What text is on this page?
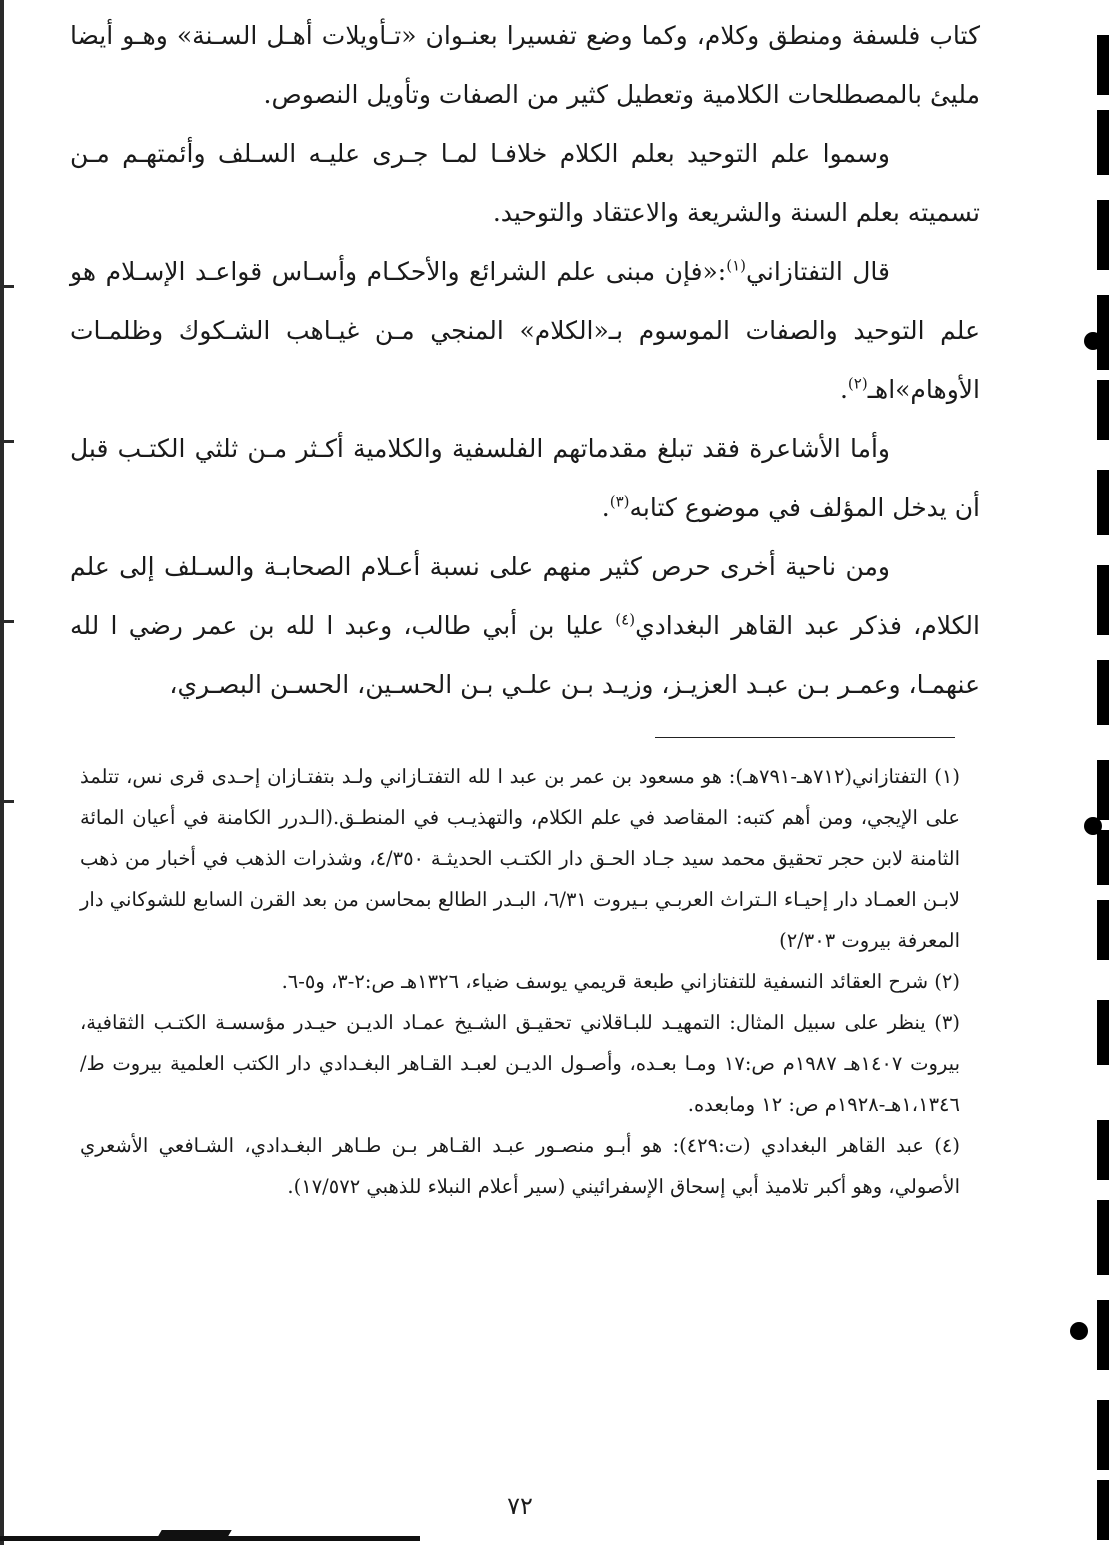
كتاب فلسفة ومنطق وكلام، وكما وضع تفسيرا بعنـوان «تـأويلات أهـل السـنة» وهـو أيضا مليئ بالمصطلحات الكلامية وتعطيل كثير من الصفات وتأويل النصوص.

وسموا علم التوحيد بعلم الكلام خلافـا لمـا جـرى عليـه السـلف وأئمتهـم مـن تسميته بعلم السنة والشريعة والاعتقاد والتوحيد.

قال التفتازاني$^{(١)}$:«فإن مبنى علم الشرائع والأحكـام وأسـاس قواعـد الإسـلام هو علم التوحيد والصفات الموسوم بـ«الكلام» المنجي مـن غيـاهب الشـكوك وظلمـات الأوهام»اهـ$^{(٢)}$.

وأما الأشاعرة فقد تبلغ مقدماتهم الفلسفية والكلامية أكـثر مـن ثلثي الكتـب قبل أن يدخل المؤلف في موضوع كتابه$^{(٣)}$.

ومن ناحية أخرى حرص كثير منهم على نسبة أعـلام الصحابـة والسـلف إلى علم الكلام، فذكر عبد القاهر البغدادي$^{(٤)}$ عليا بن أبي طالب، وعبد ا لله بن عمر رضي ا لله عنهمـا، وعمـر بـن عبـد العزيـز، وزيـد بـن علـي بـن الحسـين، الحسـن البصـري،

(١) التفتازاني(٧١٢هـ-٧٩١هـ): هو مسعود بن عمر بن عبد ا لله التفتـازاني ولـد بتفتـازان إحـدى قرى نس، تتلمذ على الإيجي، ومن أهم كتبه: المقاصد في علم الكلام، والتهذيـب في المنطـق.(الـدرر الكامنة في أعيان المائة الثامنة لابن حجر تحقيق محمد سيد جـاد الحـق دار الكتـب الحديثـة ٤/٣٥٠، وشذرات الذهب في أخبار من ذهب لابـن العمـاد دار إحيـاء الـتراث العربـي بـيروت ٦/٣١، البـدر الطالع بمحاسن من بعد القرن السابع للشوكاني دار المعرفة بيروت ٢/٣٠٣)

(٢) شرح العقائد النسفية للتفتازاني طبعة قريمي يوسف ضياء، ١٣٢٦هـ ص:٢-٣، و٥-٦.

(٣) ينظر على سبيل المثال: التمهيـد للبـاقلاني تحقيـق الشـيخ عمـاد الديـن حيـدر مؤسسـة الكتـب الثقافية، بيروت ١٤٠٧هـ ١٩٨٧م ص:١٧ ومـا بعـده، وأصـول الديـن لعبـد القـاهر البغـدادي دار الكتب العلمية بيروت ط/١،١٣٤٦هـ-١٩٢٨م ص: ١٢ ومابعده.

(٤) عبد القاهر البغدادي (ت:٤٢٩): هو أبـو منصـور عبـد القـاهر بـن طـاهر البغـدادي، الشـافعي الأشعري الأصولي، وهو أكبر تلاميذ أبي إسحاق الإسفرائيني (سير أعلام النبلاء للذهبي ١٧/٥٧٢).

٧٢
